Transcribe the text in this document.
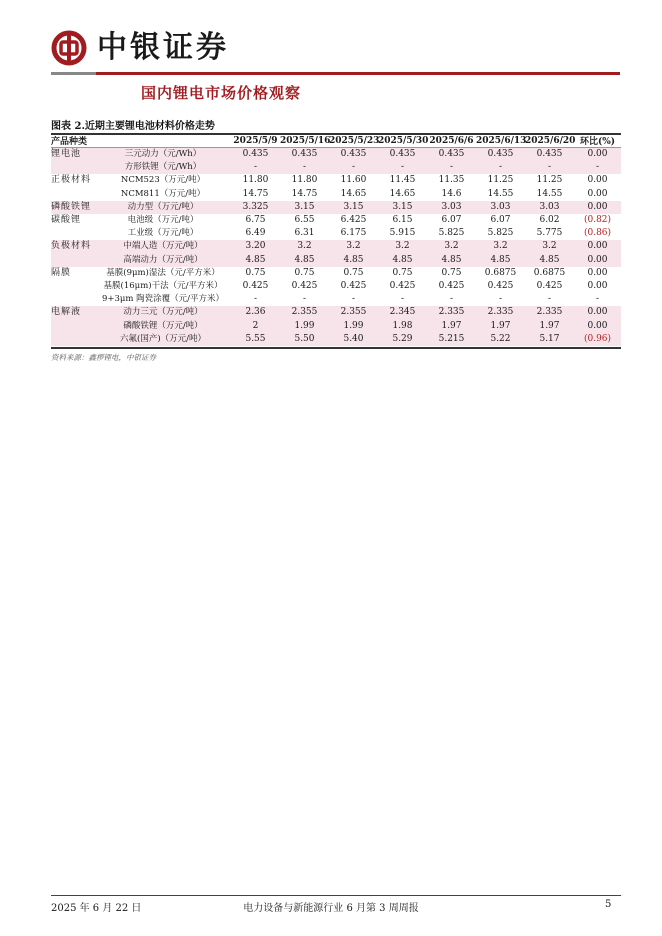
中银证券
国内锂电市场价格观察
图表 2.近期主要锂电池材料价格走势
产品种类		2025/5/9	2025/5/16	2025/5/23	2025/5/30	2025/6/6	2025/6/13	2025/6/20	环比(%)
锂电池	三元动力（元/Wh）	0.435	0.435	0.435	0.435	0.435	0.435	0.435	0.00
	方形铁锂（元/Wh）	-	-	-	-	-	-	-	-
正极材料	NCM523（万元/吨）	11.80	11.80	11.60	11.45	11.35	11.25	11.25	0.00
	NCM811（万元/吨）	14.75	14.75	14.65	14.65	14.6	14.55	14.55	0.00
磷酸铁锂	动力型（万元/吨）	3.325	3.15	3.15	3.15	3.03	3.03	3.03	0.00
碳酸锂	电池级（万元/吨）	6.75	6.55	6.425	6.15	6.07	6.07	6.02	(0.82)
	工业级（万元/吨）	6.49	6.31	6.175	5.915	5.825	5.825	5.775	(0.86)
负极材料	中端人造（万元/吨）	3.20	3.2	3.2	3.2	3.2	3.2	3.2	0.00
	高端动力（万元/吨）	4.85	4.85	4.85	4.85	4.85	4.85	4.85	0.00
隔膜	基膜(9μm)湿法（元/平方米）	0.75	0.75	0.75	0.75	0.75	0.6875	0.6875	0.00
	基膜(16μm)干法（元/平方米）	0.425	0.425	0.425	0.425	0.425	0.425	0.425	0.00
	9+3μm 陶瓷涂覆（元/平方米）	-	-	-	-	-	-	-	-
电解液	动力三元（万元/吨）	2.36	2.355	2.355	2.345	2.335	2.335	2.335	0.00
	磷酸铁锂（万元/吨）	2	1.99	1.99	1.98	1.97	1.97	1.97	0.00
	六氟(国产)（万元/吨）	5.55	5.50	5.40	5.29	5.215	5.22	5.17	(0.96)
资料来源：鑫椤锂电，中银证券
2025 年 6 月 22 日	电力设备与新能源行业 6 月第 3 周周报	5
